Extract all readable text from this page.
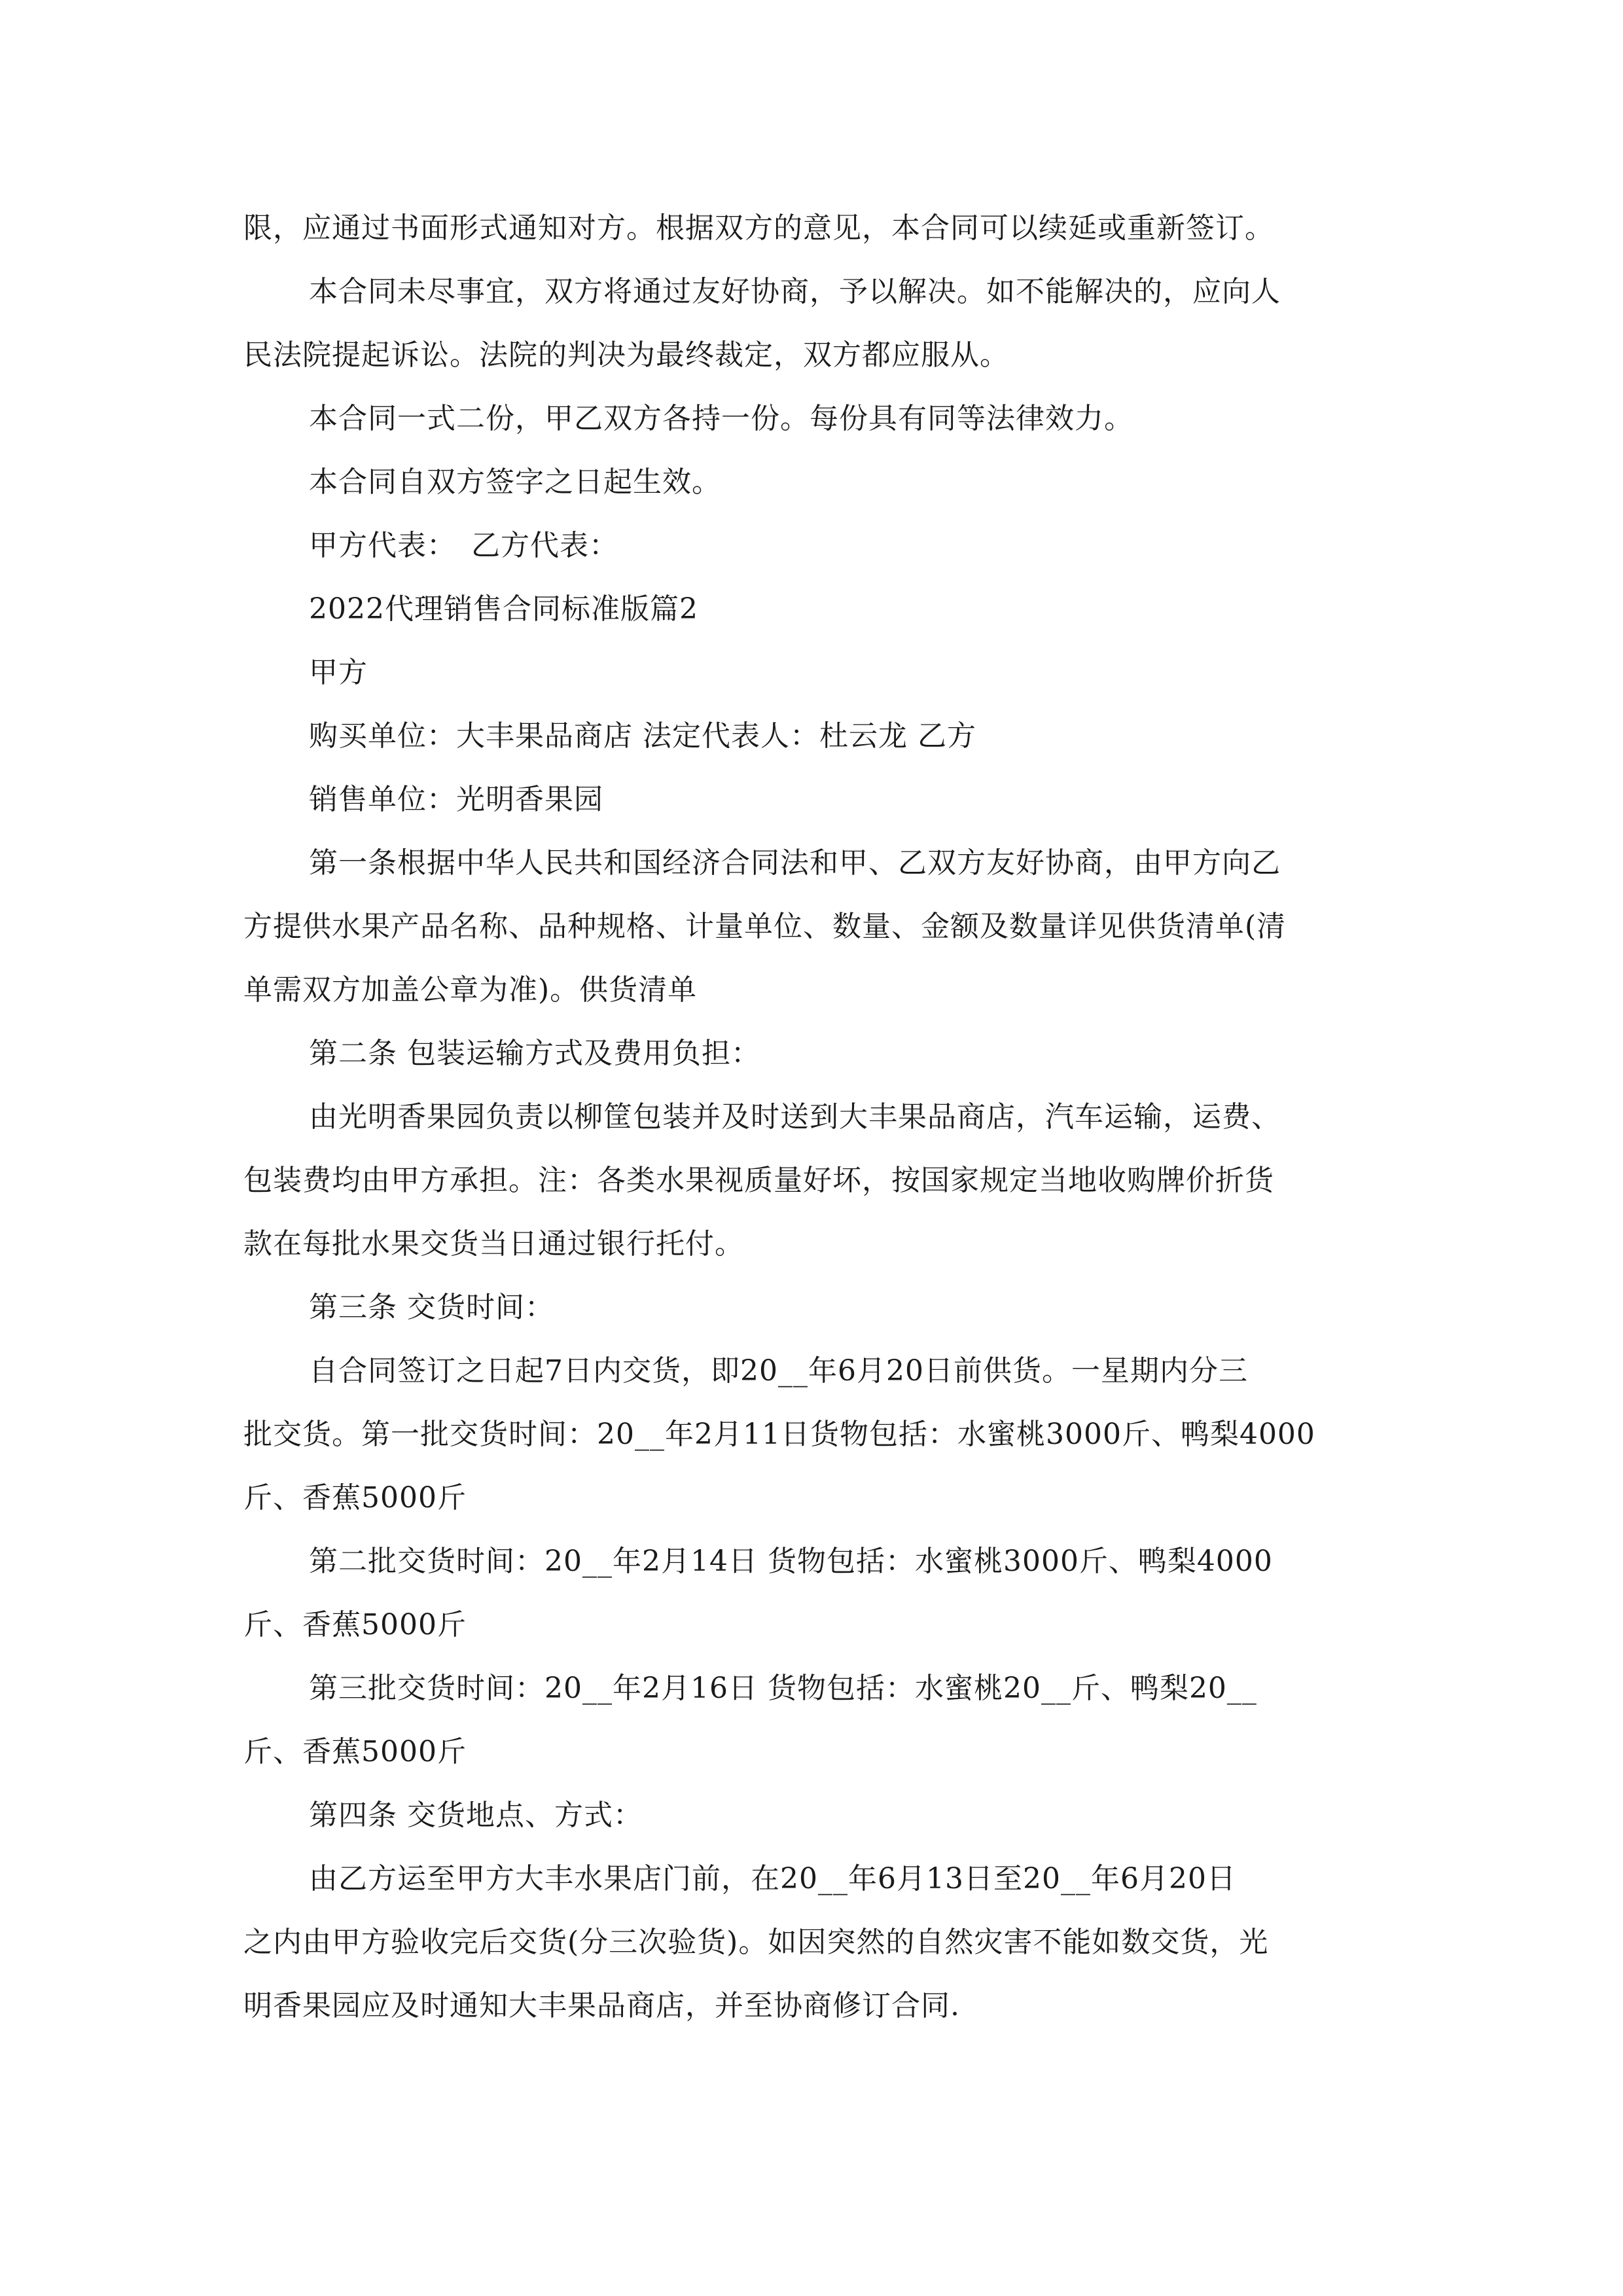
限，应通过书面形式通知对方。根据双方的意见，本合同可以续延或重新签订。
本合同未尽事宜，双方将通过友好协商，予以解决。如不能解决的，应向人
民法院提起诉讼。法院的判决为最终裁定，双方都应服从。
本合同一式二份，甲乙双方各持一份。每份具有同等法律效力。
本合同自双方签字之日起生效。
甲方代表：　乙方代表：
2022代理销售合同标准版篇2
甲方
购买单位：大丰果品商店 法定代表人：杜云龙 乙方
销售单位：光明香果园
第一条根据中华人民共和国经济合同法和甲、乙双方友好协商，由甲方向乙
方提供水果产品名称、品种规格、计量单位、数量、金额及数量详见供货清单(清
单需双方加盖公章为准)。供货清单
第二条 包装运输方式及费用负担：
由光明香果园负责以柳筐包装并及时送到大丰果品商店，汽车运输，运费、
包装费均由甲方承担。注：各类水果视质量好坏，按国家规定当地收购牌价折货
款在每批水果交货当日通过银行托付。
第三条 交货时间：
自合同签订之日起7日内交货，即20__年6月20日前供货。一星期内分三
批交货。第一批交货时间：20__年2月11日货物包括：水蜜桃3000斤、鸭梨4000
斤、香蕉5000斤
第二批交货时间：20__年2月14日 货物包括：水蜜桃3000斤、鸭梨4000
斤、香蕉5000斤
第三批交货时间：20__年2月16日 货物包括：水蜜桃20__斤、鸭梨20__
斤、香蕉5000斤
第四条 交货地点、方式：
由乙方运至甲方大丰水果店门前，在20__年6月13日至20__年6月20日
之内由甲方验收完后交货(分三次验货)。如因突然的自然灾害不能如数交货，光
明香果园应及时通知大丰果品商店，并至协商修订合同.
